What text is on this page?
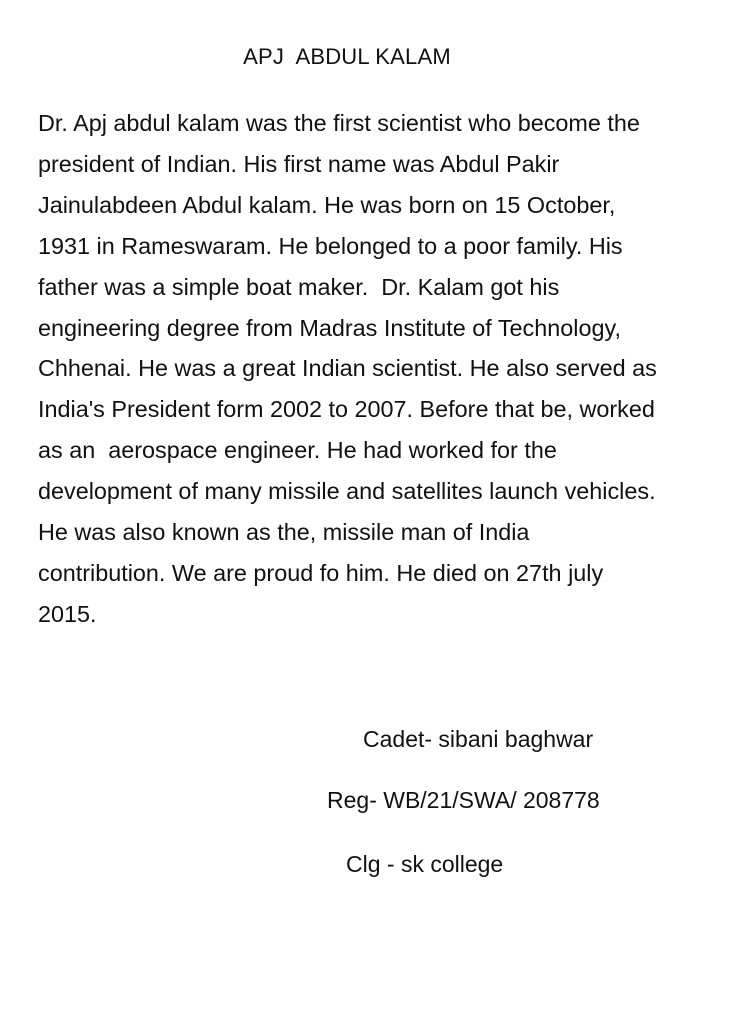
APJ  ABDUL KALAM

Dr. Apj abdul kalam was the first scientist who become the
president of Indian. His first name was Abdul Pakir
Jainulabdeen Abdul kalam. He was born on 15 October,
1931 in Rameswaram. He belonged to a poor family. His
father was a simple boat maker.  Dr. Kalam got his
engineering degree from Madras Institute of Technology,
Chhenai. He was a great Indian scientist. He also served as
India's President form 2002 to 2007. Before that be, worked
as an  aerospace engineer. He had worked for the
development of many missile and satellites launch vehicles.
He was also known as the, missile man of India
contribution. We are proud fo him. He died on 27th july
2015.

Cadet- sibani baghwar
Reg- WB/21/SWA/ 208778
Clg - sk college
